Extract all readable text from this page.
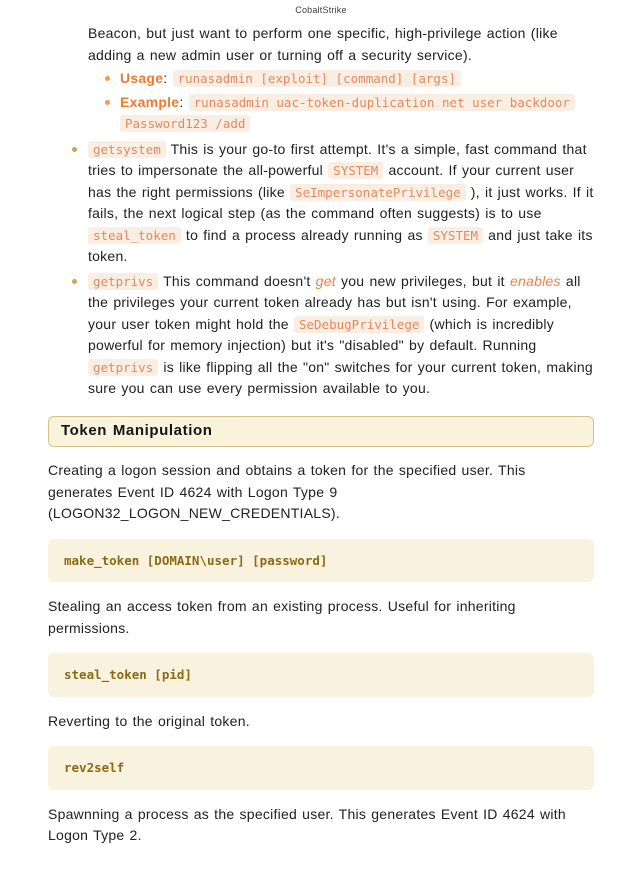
CobaltStrike
Beacon, but just want to perform one specific, high-privilege action (like adding a new admin user or turning off a security service).
Usage: runasadmin [exploit] [command] [args]
Example: runasadmin uac-token-duplication net user backdoor Password123 /add
getsystem This is your go-to first attempt. It's a simple, fast command that tries to impersonate the all-powerful SYSTEM account. If your current user has the right permissions (like SeImpersonatePrivilege ), it just works. If it fails, the next logical step (as the command often suggests) is to use steal_token to find a process already running as SYSTEM and just take its token.
getprivs This command doesn't get you new privileges, but it enables all the privileges your current token already has but isn't using. For example, your user token might hold the SeDebugPrivilege (which is incredibly powerful for memory injection) but it's "disabled" by default. Running getprivs is like flipping all the "on" switches for your current token, making sure you can use every permission available to you.
Token Manipulation
Creating a logon session and obtains a token for the specified user. This generates Event ID 4624 with Logon Type 9 (LOGON32_LOGON_NEW_CREDENTIALS).
make_token [DOMAIN\user] [password]
Stealing an access token from an existing process. Useful for inheriting permissions.
steal_token [pid]
Reverting to the original token.
rev2self
Spawnning a process as the specified user. This generates Event ID 4624 with Logon Type 2.
